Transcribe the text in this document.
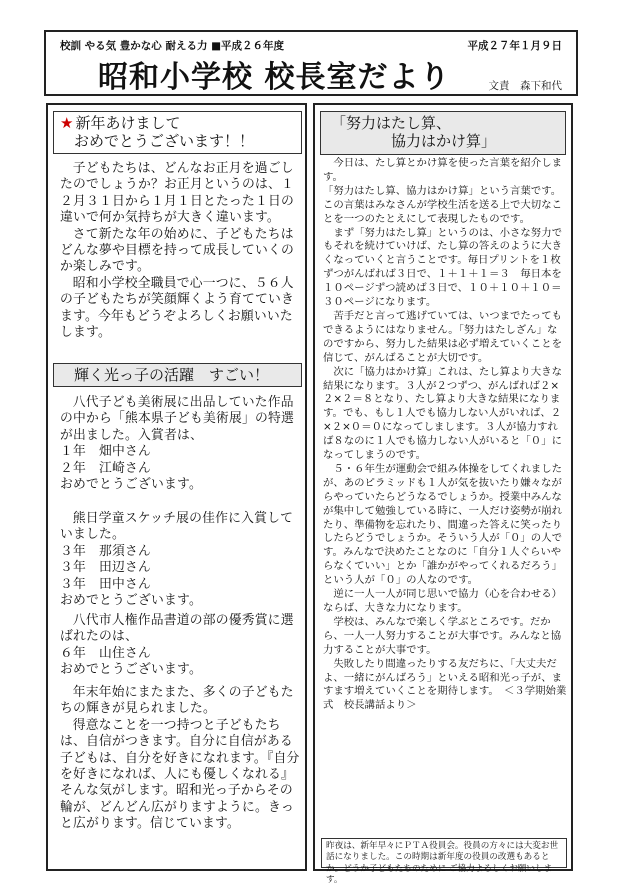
校訓 やる気 豊かな心 耐える力 ■平成２６年度	平成２７年１月９日
昭和小学校 校長室だより	文責　森下和代
★ 新年あけまして
おめでとうございます！！

子どもたちは、どんなお正月を過ごしたのでしょうか？お正月というのは、１２月３１日から１月１日とたった１日の違いで何か気持ちが大きく違います。

さて新たな年の始めに、子どもたちはどんな夢や目標を持って成長していくのか楽しみです。

昭和小学校全職員で心一つに、５６人の子どもたちが笑顔輝くよう育てていきます。今年もどうぞよろしくお願いいたします。

輝く光っ子の活躍　すごい！

八代子ども美術展に出品していた作品の中から「熊本県子ども美術展」の特選が出ました。入賞者は、

１年　畑中さん
２年　江崎さん
おめでとうございます。

熊日学童スケッチ展の佳作に入賞していました。

３年　那須さん
３年　田辺さん
３年　田中さん
おめでとうございます。

八代市人権作品書道の部の優秀賞に選ばれたのは、

６年　山住さん
おめでとうございます。

年末年始にまたまた、多くの子どもたちの輝きが見られました。

得意なことを一つ持つと子どもたちは、自信がつきます。自分に自信がある子どもは、自分を好きになれます。『自分を好きになれば、人にも優しくなれる』そんな気がします。昭和光っ子からその輪が、どんどん広がりますように。きっと広がります。信じています。

「努力はたし算、
協力はかけ算」

今日は、たし算とかけ算を使った言葉を紹介します。

「努力はたし算、協力はかけ算」という言葉です。この言葉はみなさんが学校生活を送る上で大切なことを一つのたとえにして表現したものです。

まず「努力はたし算」というのは、小さな努力でもそれを続けていけば、たし算の答えのように大きくなっていくと言うことです。毎日プリントを１枚ずつがんばれば３日で、１＋１＋１＝３　毎日本を１０ページずつ読めば３日で、１０＋１０＋１０＝３０ページになります。

苦手だと言って逃げていては、いつまでたってもできるようにはなりません。「努力はたしざん」なのですから、努力した結果は必ず増えていくことを信じて、がんばることが大切です。

次に「協力はかけ算」これは、たし算より大きな結果になります。３人が２つずつ、がんばれば２×２×２＝８となり、たし算より大きな結果になります。でも、もし１人でも協力しない人がいれば、２×２×０＝０になってしまします。３人が協力すれば８なのに１人でも協力しない人がいると「０」になってしまうのです。

５・６年生が運動会で組み体操をしてくれましたが、あのピラミッドも１人が気を抜いたり嫌々ながらやっていたらどうなるでしょうか。授業中みんなが集中して勉強している時に、一人だけ姿勢が崩れたり、準備物を忘れたり、間違った答えに笑ったりしたらどうでしょうか。そういう人が「０」の人です。みんなで決めたことなのに「自分１人ぐらいやらなくていい」とか「誰かがやってくれるだろう」という人が「０」の人なのです。

逆に一人一人が同じ思いで協力（心を合わせる）ならば、大きな力になります。

学校は、みんなで楽しく学ぶところです。だから、一人一人努力することが大事です。みんなと協力することが大事です。

失敗したり間違ったりする友だちに、「大丈夫だよ、一緒にがんばろう」といえる昭和光っ子が、ますます増えていくことを期待します。　＜３学期始業式　校長講話より＞

昨夜は、新年早々にＰＴＡ役員会。役員の方々には大変お世話になりました。この時期は新年度の役員の改選もあるとか。どうか子どもたちのために ご協力よろしくお願いします。
